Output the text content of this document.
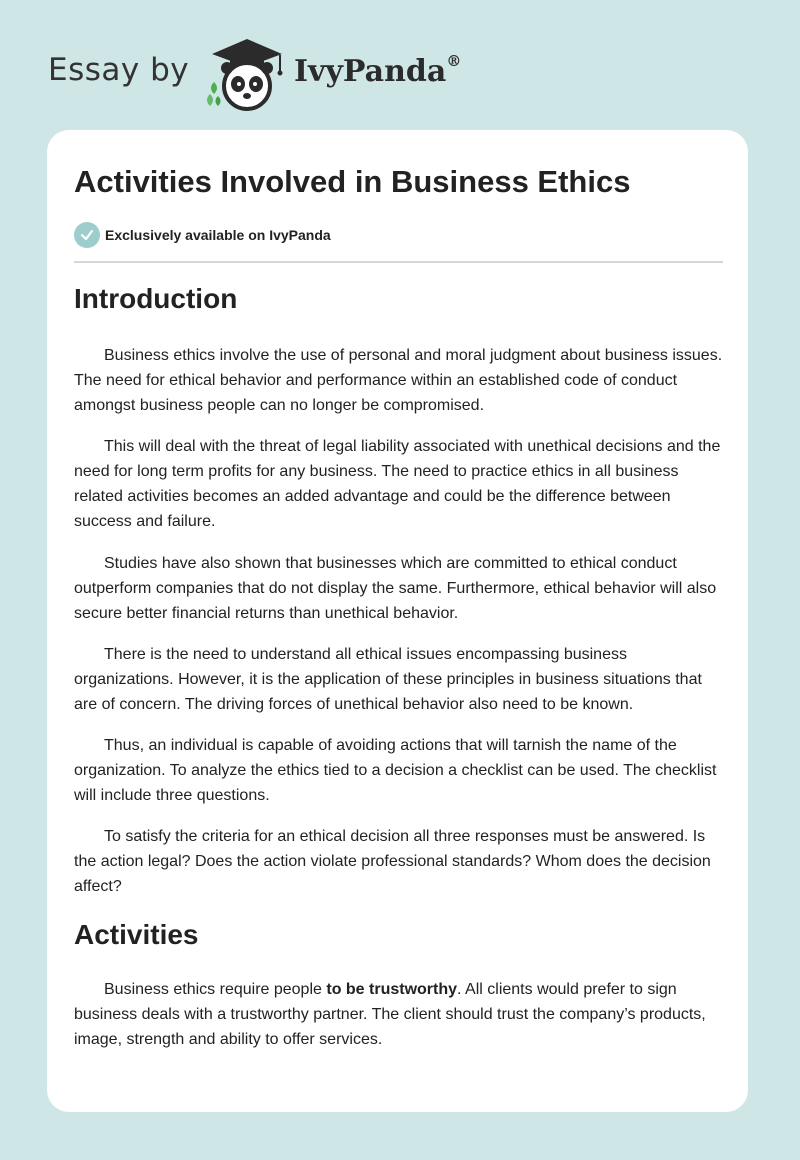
Essay by	IvyPanda®
Activities Involved in Business Ethics
Exclusively available on IvyPanda
Introduction

Business ethics involve the use of personal and moral judgment about business issues. The need for ethical behavior and performance within an established code of conduct amongst business people can no longer be compromised.

This will deal with the threat of legal liability associated with unethical decisions and the need for long term profits for any business. The need to practice ethics in all business related activities becomes an added advantage and could be the difference between success and failure.

Studies have also shown that businesses which are committed to ethical conduct outperform companies that do not display the same. Furthermore, ethical behavior will also secure better financial returns than unethical behavior.

There is the need to understand all ethical issues encompassing business organizations. However, it is the application of these principles in business situations that are of concern. The driving forces of unethical behavior also need to be known.

Thus, an individual is capable of avoiding actions that will tarnish the name of the organization. To analyze the ethics tied to a decision a checklist can be used. The checklist will include three questions.

To satisfy the criteria for an ethical decision all three responses must be answered. Is the action legal? Does the action violate professional standards? Whom does the decision affect?

Activities

Business ethics require people to be trustworthy. All clients would prefer to sign business deals with a trustworthy partner. The client should trust the company’s products, image, strength and ability to offer services.
